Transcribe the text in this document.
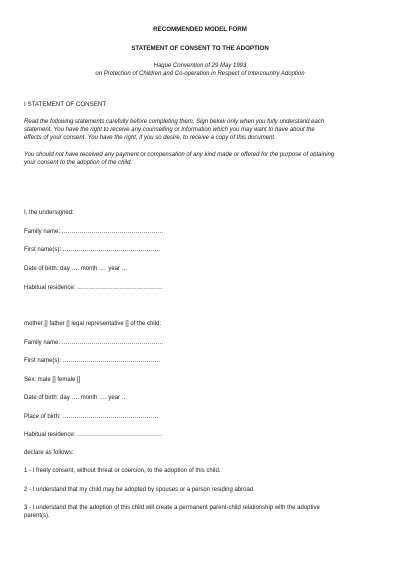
RECOMMENDED MODEL FORM

STATEMENT OF CONSENT TO THE ADOPTION

Hague Convention of 29 May 1993
on Protection of Children and Co-operation in Respect of Intercountry Adoption

I STATEMENT OF CONSENT

Read the following statements carefully before completing them. Sign below only when you fully understand each
statement. You have the right to receive any counselling or information which you may want to have about the
effects of your consent. You have the right, if you so desire, to receive a copy of this document.
You should not have received any payment or compensation of any kind made or offered for the purpose of obtaining
your consent to the adoption of the child.

I, the undersigned:

Family name: ……………………………………………

First name(s): ………………………………………….

Date of birth: day …. month …. year …

Habitual residence: …………………………………….

mother [] father [] legal representative [] of the child:

Family name: ……………………………………………

First name(s): ………………………………………….

Sex: male [] female []

Date of birth: day …. month …. year …

Place of birth: …………………………………………

Habitual residence: …………………………………….

declare as follows:

1 - I freely consent, without threat or coercion, to the adoption of this child.

2 - I understand that my child may be adopted by spouses or a person residing abroad.

3 - I understand that the adoption of this child will create a permanent parent-child relationship with the adoptive

parent(s).
